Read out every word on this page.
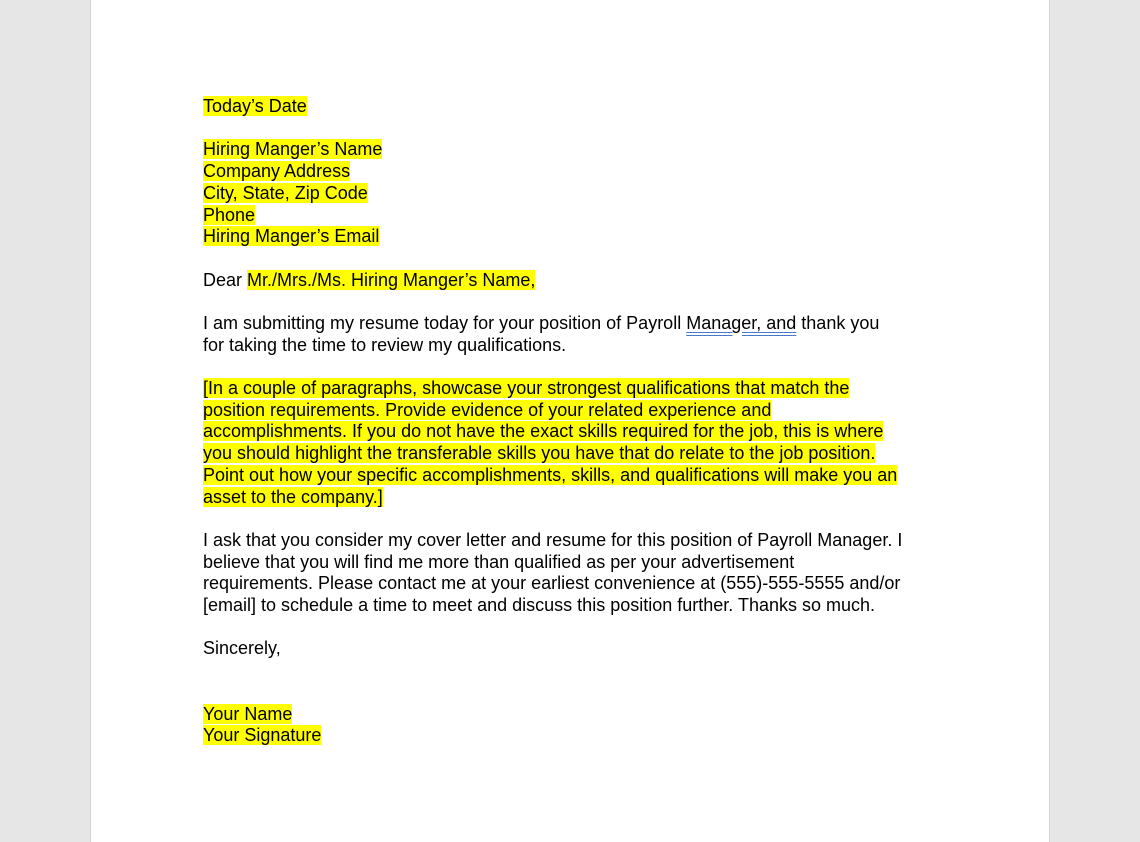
Today’s Date
Hiring Manger’s Name
Company Address
City, State, Zip Code
Phone
Hiring Manger’s Email
Dear Mr./Mrs./Ms. Hiring Manger’s Name,
I am submitting my resume today for your position of Payroll Manager, and thank you
for taking the time to review my qualifications.
[In a couple of paragraphs, showcase your strongest qualifications that match the
position requirements. Provide evidence of your related experience and
accomplishments. If you do not have the exact skills required for the job, this is where
you should highlight the transferable skills you have that do relate to the job position.
Point out how your specific accomplishments, skills, and qualifications will make you an
asset to the company.]
I ask that you consider my cover letter and resume for this position of Payroll Manager. I
believe that you will find me more than qualified as per your advertisement
requirements. Please contact me at your earliest convenience at (555)-555-5555 and/or
[email] to schedule a time to meet and discuss this position further. Thanks so much.
Sincerely,
Your Name
Your Signature
